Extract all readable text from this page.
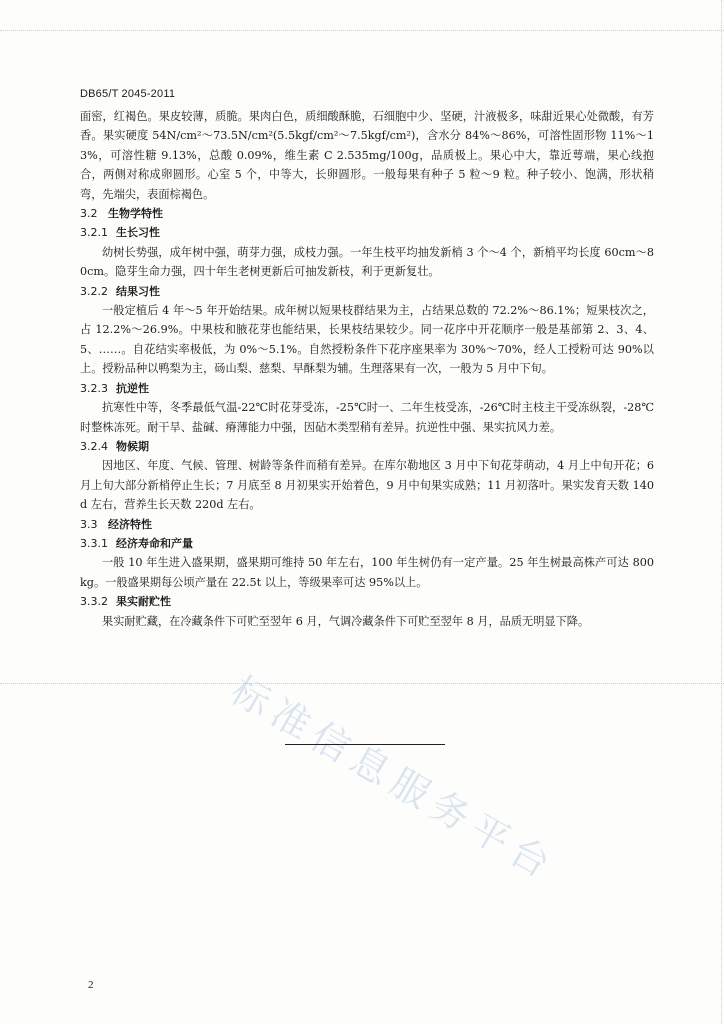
DB65/T 2045-2011

面密，红褐色。果皮较薄，质脆。果肉白色，质细酸酥脆，石细胞中少、坚硬，汁液极多，味甜近果心处微酸，有芳香。果实硬度 54N/cm²～73.5N/cm²(5.5kgf/cm²～7.5kgf/cm²)，含水分 84%～86%，可溶性固形物 11%～13%，可溶性糖 9.13%，总酸 0.09%，维生素 C 2.535mg/100g，品质极上。果心中大，靠近萼端，果心线抱合，两侧对称成卵圆形。心室 5 个，中等大，长卵圆形。一般每果有种子 5 粒～9 粒。种子较小、饱满，形状稍弯，先端尖，表面棕褐色。

3.2 生物学特性
3.2.1 生长习性

幼树长势强，成年树中强，萌芽力强，成枝力强。一年生枝平均抽发新梢 3 个～4 个，新梢平均长度 60cm～80cm。隐芽生命力强，四十年生老树更新后可抽发新枝，利于更新复壮。

3.2.2 结果习性

一般定植后 4 年～5 年开始结果。成年树以短果枝群结果为主，占结果总数的 72.2%～86.1%；短果枝次之，占 12.2%～26.9%。中果枝和腋花芽也能结果，长果枝结果较少。同一花序中开花顺序一般是基部第 2、3、4、5、……。自花结实率极低，为 0%～5.1%。自然授粉条件下花序座果率为 30%～70%，经人工授粉可达 90%以上。授粉品种以鸭梨为主，砀山梨、慈梨、早酥梨为辅。生理落果有一次，一般为 5 月中下旬。

3.2.3 抗逆性

抗寒性中等，冬季最低气温-22℃时花芽受冻，-25℃时一、二年生枝受冻，-26℃时主枝主干受冻纵裂，-28℃时整株冻死。耐干旱、盐碱、瘠薄能力中强，因砧木类型稍有差异。抗逆性中强、果实抗风力差。

3.2.4 物候期

因地区、年度、气候、管理、树龄等条件而稍有差异。在库尔勒地区 3 月中下旬花芽萌动，4 月上中旬开花；6 月上旬大部分新梢停止生长；7 月底至 8 月初果实开始着色，9 月中旬果实成熟；11 月初落叶。果实发育天数 140d 左右，营养生长天数 220d 左右。

3.3 经济特性
3.3.1 经济寿命和产量

一般 10 年生进入盛果期，盛果期可维持 50 年左右，100 年生树仍有一定产量。25 年生树最高株产可达 800kg。一般盛果期每公顷产量在 22.5t 以上，等级果率可达 95%以上。

3.3.2 果实耐贮性

果实耐贮藏，在冷藏条件下可贮至翌年 6 月，气调冷藏条件下可贮至翌年 8 月，品质无明显下降。

标准信息服务平台
2
